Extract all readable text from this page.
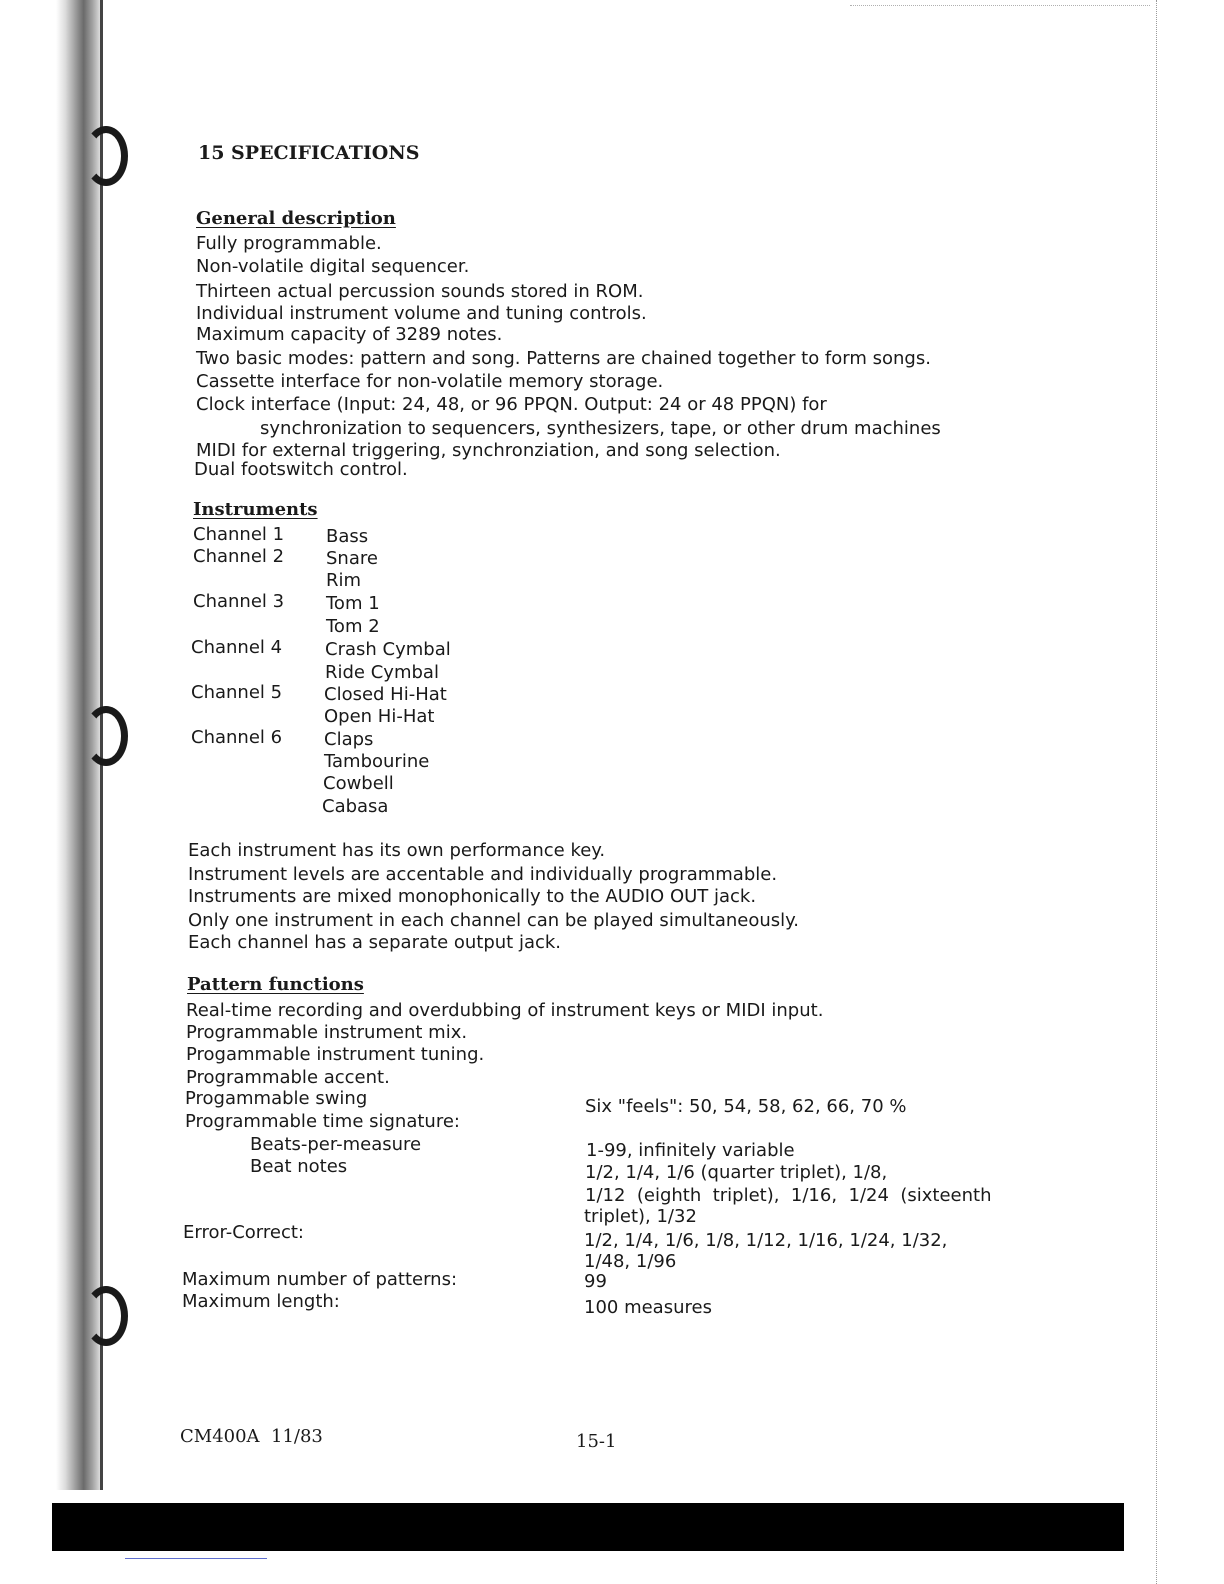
15 SPECIFICATIONS
General description
Fully programmable.
Non-volatile digital sequencer.
Thirteen actual percussion sounds stored in ROM.
Individual instrument volume and tuning controls.
Maximum capacity of 3289 notes.
Two basic modes: pattern and song. Patterns are chained together to form songs.
Cassette interface for non-volatile memory storage.
Clock interface (Input: 24, 48, or 96 PPQN. Output: 24 or 48 PPQN) for
synchronization to sequencers, synthesizers, tape, or other drum machines
MIDI for external triggering, synchronziation, and song selection.
Dual footswitch control.
Instruments
Channel 1 Bass
Channel 2 Snare
Rim
Channel 3 Tom 1
Tom 2
Channel 4 Crash Cymbal
Ride Cymbal
Channel 5 Closed Hi-Hat
Open Hi-Hat
Channel 6 Claps
Tambourine
Cowbell
Cabasa
Each instrument has its own performance key.
Instrument levels are accentable and individually programmable.
Instruments are mixed monophonically to the AUDIO OUT jack.
Only one instrument in each channel can be played simultaneously.
Each channel has a separate output jack.
Pattern functions
Real-time recording and overdubbing of instrument keys or MIDI input.
Programmable instrument mix.
Progammable instrument tuning.
Programmable accent.
Progammable swing	Six "feels": 50, 54, 58, 62, 66, 70 %
Programmable time signature:
Beats-per-measure	1-99, infinitely variable
Beat notes	1/2, 1/4, 1/6 (quarter triplet), 1/8,
1/12  (eighth  triplet),  1/16,  1/24  (sixteenth
triplet), 1/32
Error-Correct:	1/2, 1/4, 1/6, 1/8, 1/12, 1/16, 1/24, 1/32,
1/48, 1/96
Maximum number of patterns:	99
Maximum length:	100 measures
CM400A  11/83	15-1
